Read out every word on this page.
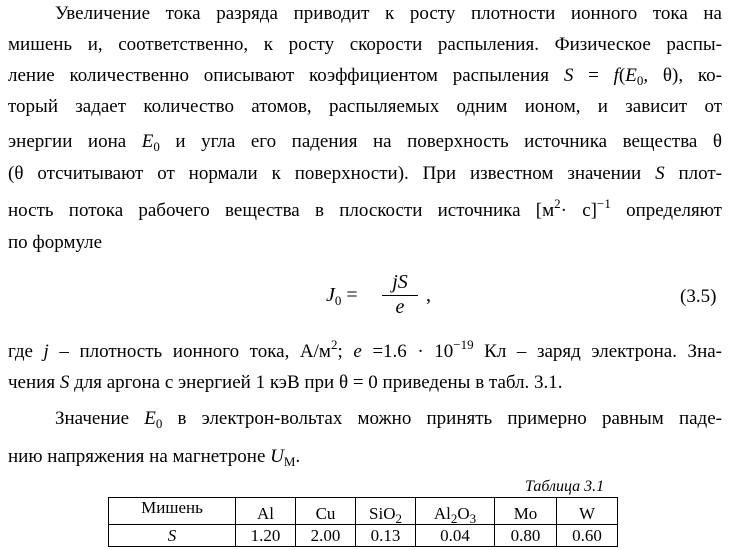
Увеличение тока разряда приводит к росту плотности ионного тока на
мишень и, соответственно, к росту скорости распыления. Физическое распы-
ление количественно описывают коэффициентом распыления $S = f(E_0$, θ), ко-
торый задает количество атомов, распыляемых одним ионом, и зависит от
энергии иона $E_0$ и угла его падения на поверхность источника вещества θ
(θ отсчитывают от нормали к поверхности). При известном значении S плот-
ность потока рабочего вещества в плоскости источника $[м^2\cdot с]^{-1}$ определяют
по формуле
$J_0$ =
jS
e
,	(3.5)
где j – плотность ионного тока, $А/м^2$; $e =1.6 \cdot 10^{-19}$ Кл – заряд электрона. Зна-
чения S для аргона с энергией 1 кэВ при θ = 0 приведены в табл. 3.1.
Значение $E_0$ в электрон-вольтах можно принять примерно равным паде-
нию напряжения на магнетроне $U_М$.
Таблица 3.1
Мишень	Al	Cu	SiO$_2$	$Al_2O_3$	Mo	W
S	1.20	2.00	0.13	0.04	0.80	0.60
